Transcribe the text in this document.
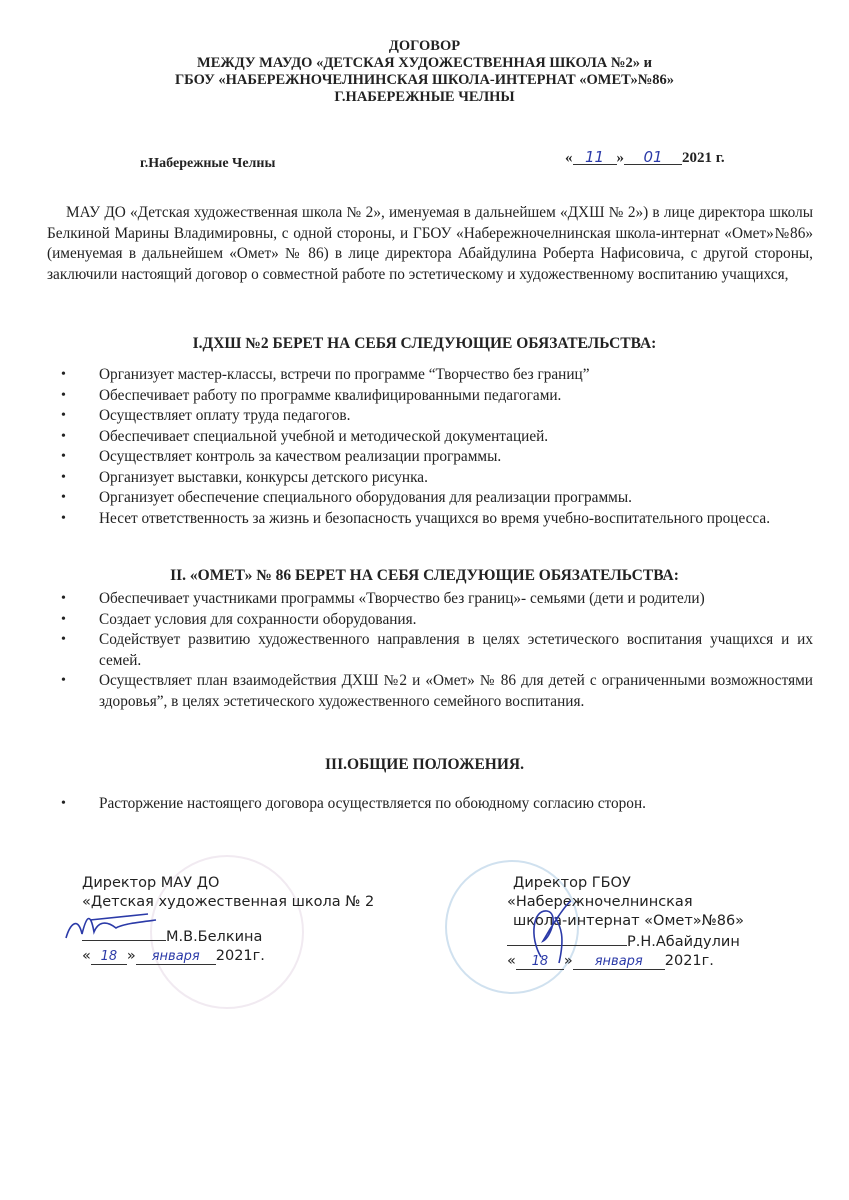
ДОГОВОР
МЕЖДУ МАУДО «ДЕТСКАЯ ХУДОЖЕСТВЕННАЯ ШКОЛА №2» и
ГБОУ «НАБЕРЕЖНОЧЕЛНИНСКАЯ ШКОЛА-ИНТЕРНАТ «ОМЕТ»№86»
Г.НАБЕРЕЖНЫЕ ЧЕЛНЫ
г.Набережные Челны	« 11 » 01 2021 г.
МАУ ДО «Детская художественная школа № 2», именуемая в дальнейшем «ДХШ № 2») в лице директора школы Белкиной Марины Владимировны, с одной стороны, и ГБОУ «Набережночелнинская школа-интернат «Омет»№86» (именуемая в дальнейшем «Омет» № 86) в лице директора Абайдулина Роберта Нафисовича, с другой стороны, заключили настоящий договор о совместной работе по эстетическому и художественному воспитанию учащихся,
I.ДХШ №2 БЕРЕТ НА СЕБЯ СЛЕДУЮЩИЕ ОБЯЗАТЕЛЬСТВА:
• Организует мастер-классы, встречи по программе “Творчество без границ”
• Обеспечивает работу по программе квалифицированными педагогами.
• Осуществляет оплату труда педагогов.
• Обеспечивает специальной учебной и методической документацией.
• Осуществляет контроль за качеством реализации программы.
• Организует выставки, конкурсы детского рисунка.
• Организует обеспечение специального оборудования для реализации программы.
• Несет ответственность за жизнь и безопасность учащихся во время учебно-воспитательного процесса.
II. «ОМЕТ» № 86 БЕРЕТ НА СЕБЯ СЛЕДУЮЩИЕ ОБЯЗАТЕЛЬСТВА:
• Обеспечивает участниками программы «Творчество без границ»- семьями (дети и родители)
• Создает условия для сохранности оборудования.
• Содействует развитию художественного направления в целях эстетического воспитания учащихся и их семей.
• Осуществляет план взаимодействия ДХШ №2 и «Омет» № 86 для детей с ограниченными возможностями здоровья”, в целях эстетического художественного семейного воспитания.
III.ОБЩИЕ ПОЛОЖЕНИЯ.
• Расторжение настоящего договора осуществляется по обоюдному согласию сторон.
Директор МАУ ДО
«Детская художественная школа № 2
М.В.Белкина
« 18 » января 2021г.
Директор ГБОУ
«Набережночелнинская
школа-интернат «Омет»№86»
Р.Н.Абайдулин
« 18 » января 2021г.
